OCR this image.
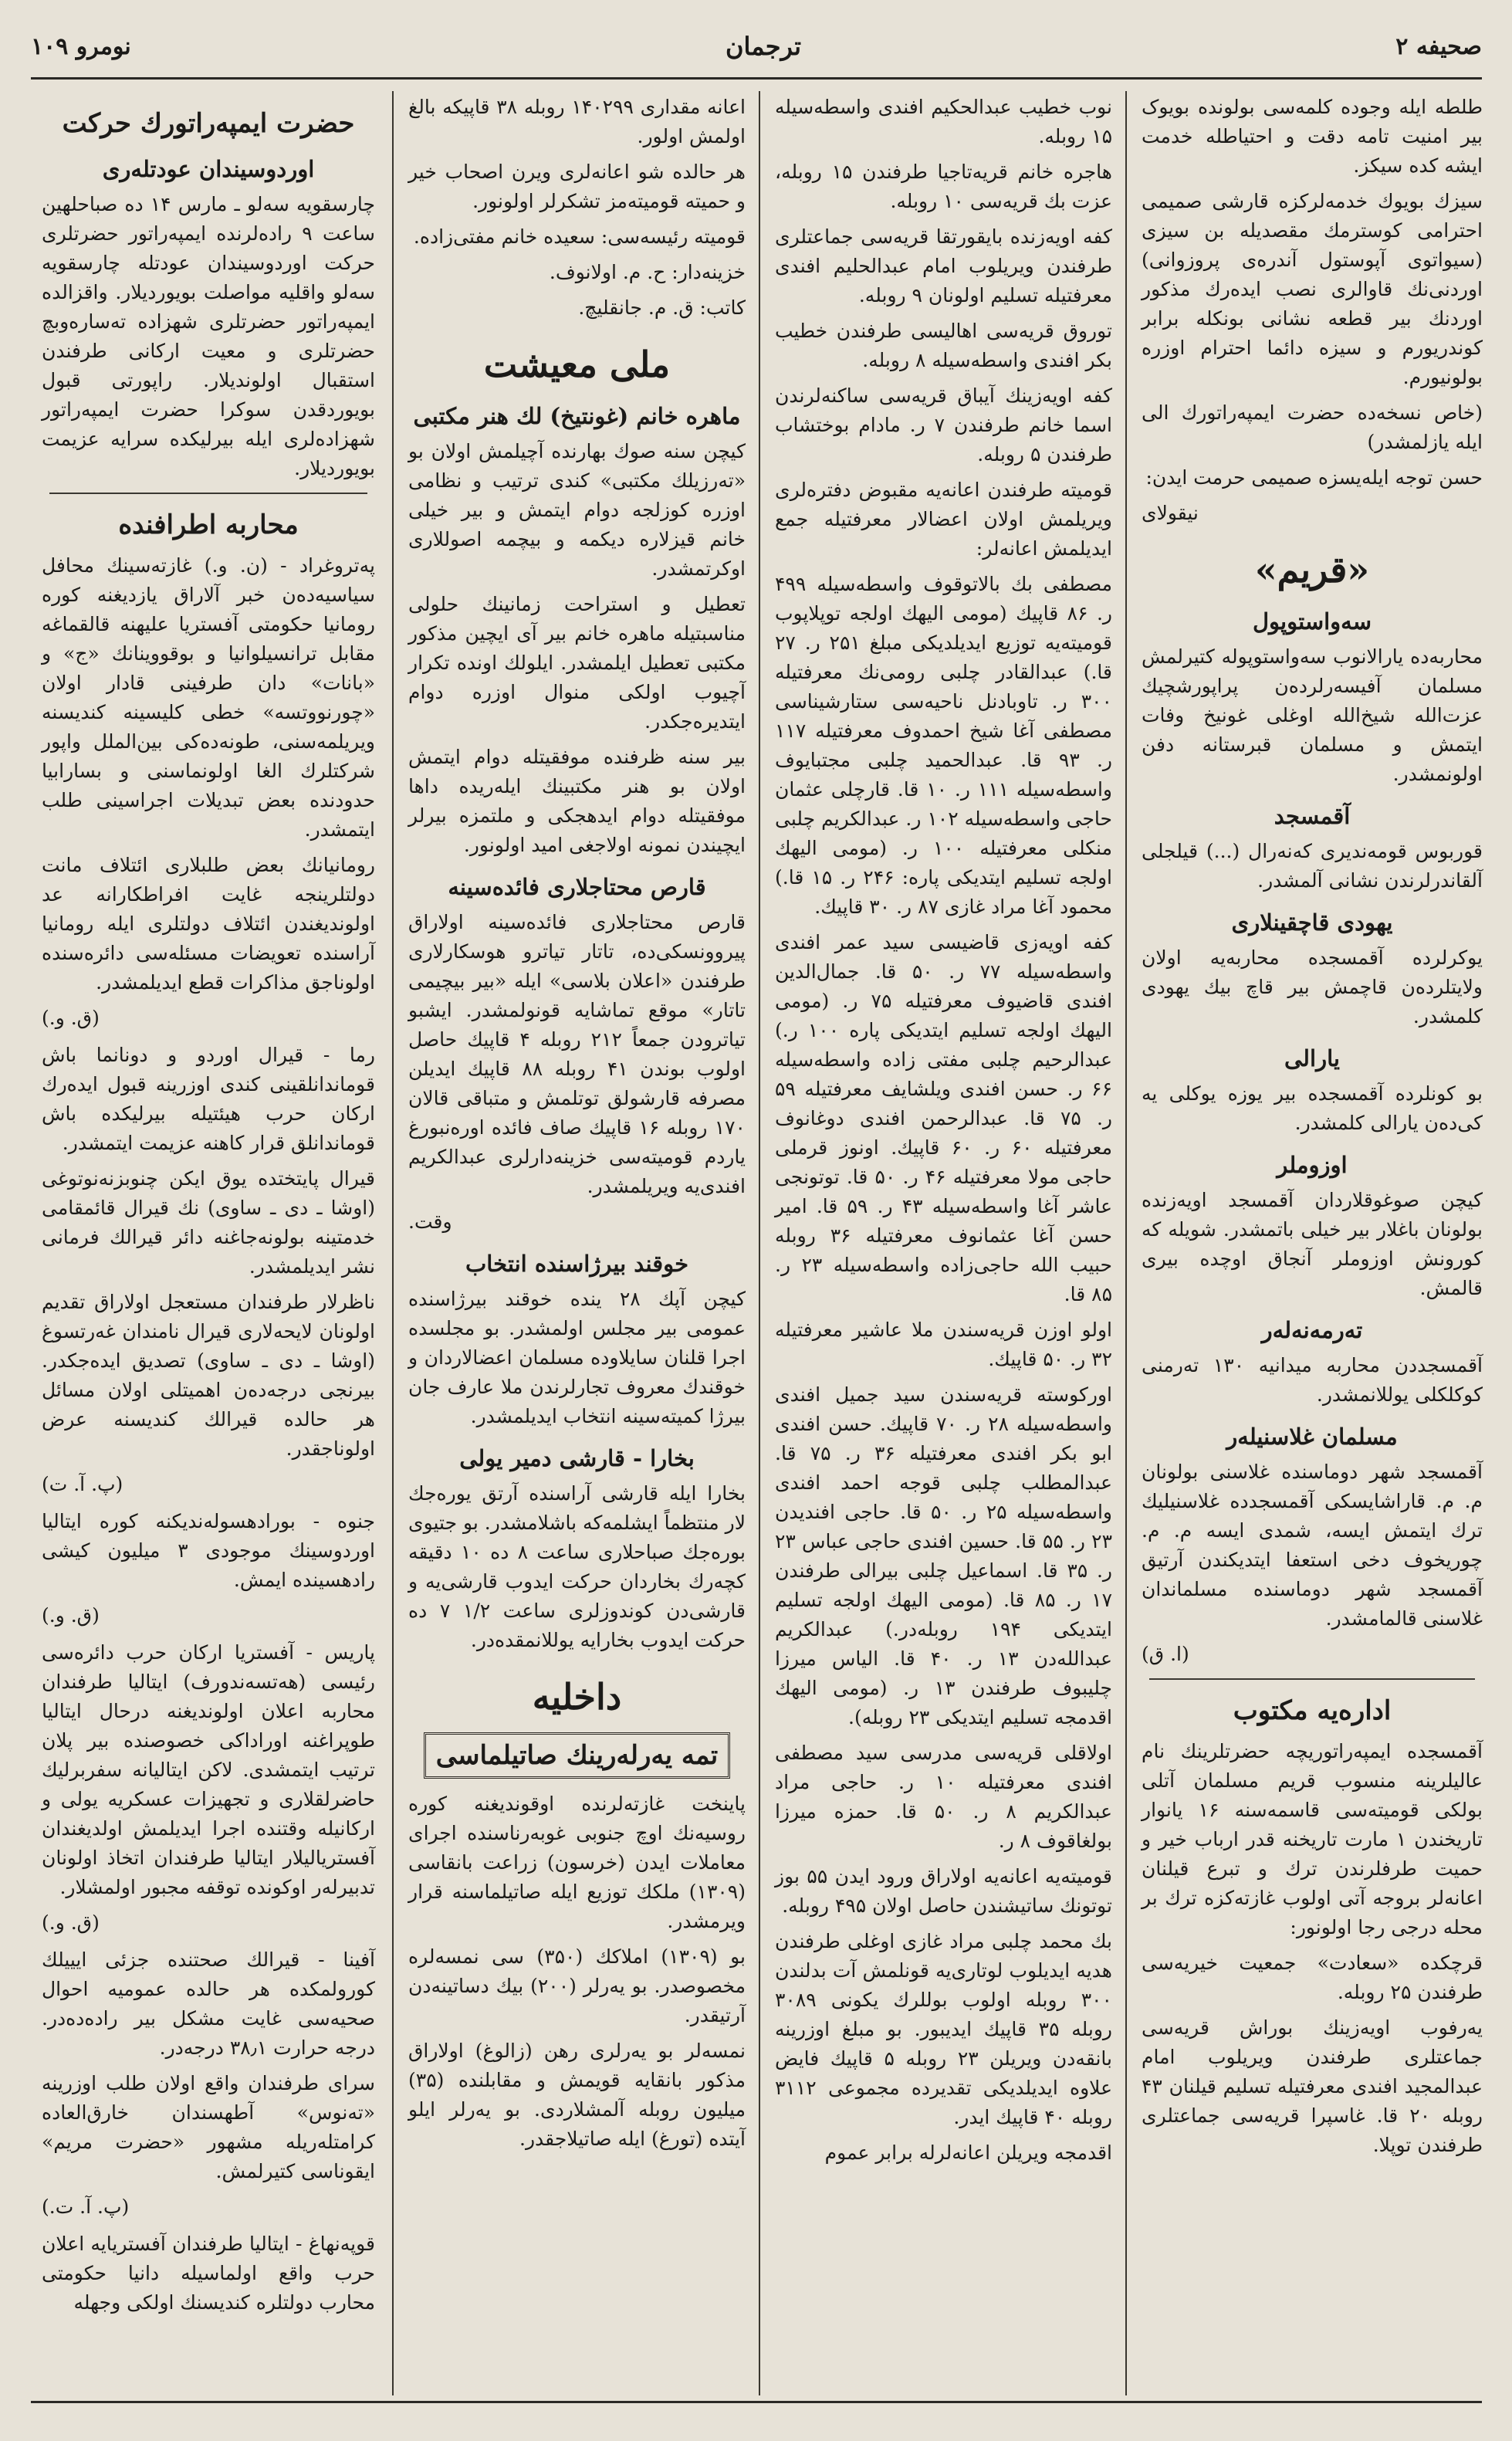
صحیفه ۲
ترجمان
نومرو ۱۰۹

طلطه ایله وجوده کلمه‌سی بولونده بویوک بیر امنیت تامه دقت و احتیاطله خدمت ایشه کده سیکز.

سیزك بویوك خدمه‌لرکزه قارشی صمیمی احترامی کوسترمك مقصدیله بن سیزی (سیواتوی آپوستول آندره‌ی پروزوانی) اوردنی‌نك قاوالری نصب ایده‌رك مذکور اوردنك بیر قطعه نشانی بونکله برابر کوندریورم و سیزه دائما احترام اوزره بولونیورم.

(خاص نسخه‌ده حضرت ایمپه‌راتورك الی ایله یازلمشدر)

حسن توجه ایله‌یسزه صمیمی حرمت ایدن:

نیقولای

«قریم»
سه‌واستوپول

محاربه‌ده یارالانوب سه‌واستوپوله کتیرلمش مسلمان آفیسه‌رلرده‌ن پراپورشچیك عزت‌الله شیخ‌الله اوغلی غونیخ وفات ایتمش و مسلمان قبرستانه دفن اولونمشدر.

آقمسجد

قوربوس قومه‌ندیری که‌نه‌رال (...) قیلجلی آلقاندرلرندن نشانی آلمشدر.

یهودی قاچقینلاری

یوکرلرده آقمسجده محاربه‌یه اولان ولایتلرده‌ن قاچمش بیر قاچ بیك یهودی کلمشدر.

یارالی

بو کونلرده آقمسجده بیر یوزه یوکلی یه کی‌ده‌ن یارالی کلمشدر.

اوزوملر

کیچن صوغوقلاردان آقمسجد اویه‌زنده بولونان باغلار بیر خیلی باتمشدر. شویله که کورونش اوزوملر آنجاق اوچده بیری قالمش.

تەرمەنەلەر

آقمسجددن محاربه میدانیه ۱۳۰ ته‌رمنی کوکلکلی یوللانمشدر.

مسلمان غلاسنيلەر

آقمسجد شهر دوماسنده غلاسنی بولونان م. م. قاراشایسکی آقمسجدده غلاسنیلیك ترك ایتمش ایسه، شمدی ایسه م. م. چوریخوف دخی استعفا ایتدیکندن آرتیق آقمسجد شهر دوماسنده مسلماندان غلاسنی قالمامشدر.

(ا. ق)

اداره‌یه مکتوب

آقمسجده ایمپه‌راتوریچه حضرتلرینك نام عالیلرینه منسوب قریم مسلمان آتلی بولکی قومیته‌سی قاسمه‌سنه ۱۶ یانوار تاریخندن ۱ مارت تاریخنه قدر ارباب خیر و حمیت طرفلرندن ترك و تبرع قیلنان اعانه‌لر بروجه آتی اولوب غازته‌کزه ترك بر محله درجی رجا اولونور:

قرچکده «سعادت» جمعیت خیریه‌سی طرفندن ۲۵ روبله.

یه‌رفوب اویه‌زینك بوراش قریه‌سی جماعتلری طرفندن ویریلوب امام عبدالمجید افندی معرفتیله تسلیم قیلنان ۴۳ روبله ۲۰ قا. غاسپرا قریه‌سی جماعتلری طرفندن توپلا.

نوب خطیب عبدالحکیم افندی واسطه‌سیله ۱۵ روبله.

هاجره خانم قریه‌تاجیا طرفندن ۱۵ روبله، عزت بك قریه‌سی ۱۰ روبله.

کفه اویه‌زنده بایقورتقا قریه‌سی جماعتلری طرفندن ویریلوب امام عبدالحلیم افندی معرفتیله تسلیم اولونان ۹ روبله.

توروق قریه‌سی اهالیسی طرفندن خطیب بکر افندی واسطه‌سیله ۸ روبله.

کفه اویه‌زینك آیباق قریه‌سی ساکنه‌لرندن اسما خانم طرفندن ۷ ر. مادام بوختشاب طرفندن ۵ روبله.

قومیته طرفندن اعانه‌یه مقبوض دفتره‌لری ویریلمش اولان اعضالار معرفتیله جمع ایدیلمش اعانه‌لر:

مصطفی بك بالاتوقوف واسطه‌سیله ۴۹۹ ر. ۸۶ قاپیك (مومی الیهك اولجه توپلاپوب قومیته‌یه توزیع ایدیلدیکی مبلغ ۲۵۱ ر. ۲۷ قا.) عبدالقادر چلبی رومی‌نك معرفتیله ۳۰۰ ر. تاوبادنل ناحیه‌سی ستارشیناسی مصطفی آغا شیخ احمدوف معرفتیله ۱۱۷ ر. ۹۳ قا. عبدالحمید چلبی مجتبایوف واسطه‌سیله ۱۱۱ ر. ۱۰ قا. قارچلی عثمان حاجی واسطه‌سیله ۱۰۲ ر. عبدالکریم چلبی منکلی معرفتیله ۱۰۰ ر. (مومی الیهك اولجه تسلیم ایتدیکی پاره: ۲۴۶ ر. ۱۵ قا.) محمود آغا مراد غازی ۸۷ ر. ۳۰ قاپیك.

کفه اویه‌زی قاضیسی سید عمر افندی واسطه‌سیله ۷۷ ر. ۵۰ قا. جمال‌الدین افندی قاضیوف معرفتیله ۷۵ ر. (مومی الیهك اولجه تسلیم ایتدیکی پاره ۱۰۰ ر.) عبدالرحیم چلبی مفتی زاده واسطه‌سیله ۶۶ ر. حسن افندی ویلشایف معرفتیله ۵۹ ر. ۷۵ قا. عبدالرحمن افندی دوغانوف معرفتیله ۶۰ ر. ۶۰ قاپیك. اونوز قرملی حاجی مولا معرفتیله ۴۶ ر. ۵۰ قا. توتونجی عاشر آغا واسطه‌سیله ۴۳ ر. ۵۹ قا. امیر حسن آغا عثمانوف معرفتیله ۳۶ روبله حبیب الله حاجی‌زاده واسطه‌سیله ۲۳ ر. ۸۵ قا.

اولو اوزن قریه‌سندن ملا عاشیر معرفتیله ۳۲ ر. ۵۰ قاپیك.

اورکوستە قریه‌سندن سید جمیل افندی واسطه‌سیله ۲۸ ر. ۷۰ قاپیك. حسن افندی ابو بکر افندی معرفتیله ۳۶ ر. ۷۵ قا. عبدالمطلب چلبی قوجه احمد افندی واسطه‌سیله ۲۵ ر. ۵۰ قا. حاجی افندیدن ۲۳ ر. ۵۵ قا. حسین افندی حاجی عباس ۲۳ ر. ۳۵ قا. اسماعیل چلبی بیرالی طرفندن ۱۷ ر. ۸۵ قا. (مومی الیهك اولجه تسلیم ایتدیکی ۱۹۴ روبله‌در.) عبدالکریم عبدالله‌دن ۱۳ ر. ۴۰ قا. الیاس میرزا چلیبوف طرفندن ۱۳ ر. (مومی الیهك اقدمجه تسلیم ایتدیکی ۲۳ روبله).

اولاقلی قریه‌سی مدرسی سید مصطفی افندی معرفتیله ۱۰ ر. حاجی مراد عبدالکریم ۸ ر. ۵۰ قا. حمزه میرزا بولغاقوف ۸ ر.

قومیته‌یه اعانه‌یه اولاراق ورود ایدن ۵۵ بوز توتونك ساتیشندن حاصل اولان ۴۹۵ روبله.

بك محمد چلبی مراد غازی اوغلی طرفندن هدیه ایدیلوب لوتاری‌یه قونلمش آت بدلندن ۳۰۰ روبله اولوب بوللرك یکونی ۳۰۸۹ روبله ۳۵ قاپیك ایدیبور. بو مبلغ اوزرینه بانقه‌دن ویریلن ۲۳ روبله ۵ قاپیك فایض علاوه ایدیلدیکی تقدیرده مجموعی ۳۱۱۲ روبله ۴۰ قاپیك ایدر.

اقدمجه ویریلن اعانه‌لرله برابر عموم

اعانه مقداری ۱۴۰۲۹۹ روبله ۳۸ قاپیکه بالغ اولمش اولور.

هر حالده شو اعانه‌لری ویرن اصحاب خیر و حمیته قومیته‌مز تشکرلر اولونور.

قومیته رئیسه‌سی: سعیده خانم مفتی‌زاده.

خزینه‌دار: ح. م. اولانوف.

کاتب: ق. م. جانقلیچ.

ملی معیشت
ماهره خانم (غونتیخ) لك هنر مکتبی

کیچن سنه صوك بهارنده آچیلمش اولان بو «تەرزیلك مکتبی» کندی ترتیب و نظامی اوزره کوزلجه دوام ایتمش و بیر خیلی خانم قیزلاره دیکمه و بیچمه اصوللاری اوکرتمشدر.

تعطیل و استراحت زمانینك حلولی مناسبتیله ماهره خانم بیر آی ایچین مذکور مکتبی تعطیل ایلمشدر. ایلولك اونده تکرار آچیوب اولکی منوال اوزره دوام ایتدیرەجکدر.

بیر سنه ظرفنده موفقیتله دوام ایتمش اولان بو هنر مکتبینك ایلەریده داها موفقیتله دوام ایدهجکی و ملتمزه بیرلر ایچیندن نمونه اولاجغی امید اولونور.

قارص محتاجلاری فائده‌سینه

قارص محتاجلاری فائده‌سینه اولاراق پیروونسکی‌ده، تاتار تیاترو هوسکارلاری طرفندن «اعلان بلاسی» ایله «بیر بیچیمی تاتار» موقع تماشایه قونولمشدر. ایشبو تیاترودن جمعاً ۲۱۲ روبله ۴ قاپیك حاصل اولوب بوندن ۴۱ روبله ۸۸ قاپیك ایدیلن مصرفه قارشولق توتلمش و متباقی قالان ۱۷۰ روبله ۱۶ قاپیك صاف فائده اورەنبورغ یاردم قومیته‌سی خزینه‌دارلری عبدالکریم افندی‌یه ویریلمشدر.

وقت.

خوقند بیرژاسنده انتخاب

کیچن آپك ۲۸ ینده خوقند بیرژاسنده عمومی بیر مجلس اولمشدر. بو مجلسده اجرا قلنان سایلاوده مسلمان اعضالاردان و خوقندك معروف تجارلرندن ملا عارف جان بیرژا کمیته‌سینه انتخاب ایدیلمشدر.

بخارا - قارشی دمیر یولی

بخارا ایله قارشی آراسنده آرتق یوره‌جك لار منتظماً ایشلمه‌که باشلامشدر. بو جتیوی بوره‌جك صباحلاری ساعت ۸ ده ۱۰ دقیقه کچه‌رك بخاردان حرکت ایدوب قارشی‌یه و قارشی‌دن کوندوزلری ساعت ۱/۲ ۷ ده حرکت ایدوب بخارایه یوللانمقده‌در.

داخلیه
تمه یه‌رلەرینك صاتیلماسی

پاینخت غازته‌لرنده اوقوندیغنه کوره روسیه‌نك اوچ جنوبی غوبەرناسنده اجرای معاملات ایدن (خرسون) زراعت بانقاسی (۱۳۰۹) ملکك توزیع ایله صاتیلماسنه قرار ویرمشدر.

بو (۱۳۰۹) املاکك (۳۵۰) سی نمسه‌لره مخصوصدر. بو یه‌رلر (۲۰۰) بیك دساتینه‌دن آرتیقدر.

نمسه‌لر بو یه‌رلری رهن (زالوغ) اولاراق مذکور بانقایه قویمش و مقابلنده (۳۵) میلیون روبله آلمشلاردی. بو یه‌رلر ایلو آیتده (تورغ) ایله صاتیلاجقدر.

حضرت ایمپه‌راتورك حرکت
اوردوسیندان عودتلەری

چارسقویه سه‌لو ـ مارس ۱۴ ده صباحلهین ساعت ۹ راده‌لرنده ایمپه‌راتور حضرتلری حرکت اوردوسیندان عودتله چارسقویه سه‌لو واقلیه مواصلت بویوردیلار. واقزالده ایمپه‌راتور حضرتلری شهزاده تەسارەوبچ حضرتلری و معیت ارکانی طرفندن استقبال اولوندیلار. راپورتی قبول بویوردقدن سوکرا حضرت ایمپه‌راتور شهزاده‌لری ایله بیرلیکده سرایه عزیمت بویوردیلار.

محاربه اطرافنده

پەتروغراد - (ن. و.) غازته‌سینك محافل سیاسیه‌ده‌ن خبر آلاراق یازدیغنه کوره رومانیا حکومتی آفستریا علیهنه قالقماغه مقابل ترانسیلوانیا و بوقووینانك «ج» و «بانات» دان طرفینی قادار اولان «چورنووتسه» خطی کلیسینه کندیسنه ویریلمه‌سنی، طونه‌ده‌کی بین‌الملل واپور شرکتلرك الغا اولونماسنی و بسارابیا حدودنده بعض تبدیلات اجراسینی طلب ایتمشدر.

رومانیانك بعض طلبلاری ائتلاف مانت دولتلرینجه غایت افراطکارانه عد اولوندیغندن ائتلاف دولتلری ایله رومانیا آراسنده تعویضات مسئله‌سی دائرەسنده اولوناجق مذاکرات قطع ایدیلمشدر.

(ق. و.)

رما - قیرال اوردو و دونانما باش قوماندانلقینی کندی اوزرینه قبول ایده‌رك ارکان حرب هیئتیله بیرلیکده باش قوماندانلق قرار کاهنه عزیمت ایتمشدر.

قیرال پایتختده یوق ایکن چنوبزنه‌نوتو‌غی (اوشا ـ دی ـ ساوی) نك قیرال قائمقامی خدمتینه بولونه‌جاغنه دائر قیرالك فرمانی نشر ایدیلمشدر.

ناظرلار طرفندان مستعجل اولاراق تقدیم اولونان لایحه‌لاری قیرال نامندان غەرتسوغ (اوشا ـ دی ـ ساوی) تصدیق ایده‌جکدر. بیرنجی درجه‌ده‌ن اهمیتلی اولان مسائل هر حالده قیرالك کندیسنه عرض اولوناجقدر.

(پ. آ. ت)

جنوه - بورادهسوله‌ندیکنه کوره ایتالیا اوردوسینك موجودی ۳ میلیون کیشی رادهسینده ایمش.

(ق. و.)

پاریس - آفستریا ارکان حرب دائره‌سی رئیسی (هەتسەندورف) ایتالیا طرفندان محاربه اعلان اولوندیغنه درحال ایتالیا طوپراغنه اوراداکی خصوصنده بیر پلان ترتیب ایتمشدی. لاکن ایتالیانه سفربرلیك حاضرلقلاری و تجهیزات عسکریه یولی و ارکانیله وقتنده اجرا ایدیلمش اولدیغندان آفستریالیلار ایتالیا طرفندان اتخاذ اولونان تدبیرلەر اوکونده توقفه مجبور اولمشلار.

(ق. و.)

آفینا - قیرالك صحتنده جزئی ایییلك کورولمكده هر حالده عمومیه احوال صحیه‌سی غایت مشکل بیر راده‌ده‌در. درجه حرارت ۳۸٫۱ درجه‌در.

سرای طرفندان واقع اولان طلب اوزرینه «تەنوس» آطهسندان خارق‌العاده کرامتلەریله مشهور «حضرت مریم» ایقوناسی کتیرلمش.

(پ. آ. ت.)

قوپه‌نهاغ - ایتالیا طرفندان آفستریایه اعلان حرب واقع اولماسیله دانیا حکومتی محارب دولتلره کندیسنك اولکی وجهله
